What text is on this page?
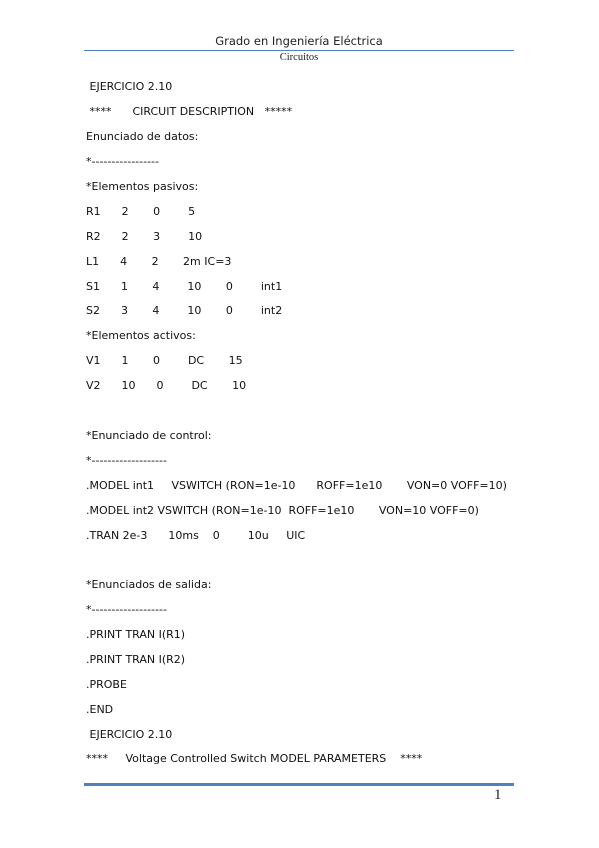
Grado en Ingeniería Eléctrica
Circuitos
EJERCICIO 2.10
****      CIRCUIT DESCRIPTION   *****
Enunciado de datos:
*-----------------
*Elementos pasivos:
R1      2       0        5
R2      2       3        10
L1      4       2       2m IC=3
S1      1       4        10       0        int1
S2      3       4        10       0        int2
*Elementos activos:
V1      1       0        DC       15
V2      10      0        DC       10
*Enunciado de control:
*-------------------
.MODEL int1     VSWITCH (RON=1e-10      ROFF=1e10       VON=0 VOFF=10)
.MODEL int2 VSWITCH (RON=1e-10  ROFF=1e10       VON=10 VOFF=0)
.TRAN 2e-3      10ms    0        10u     UIC
*Enunciados de salida:
*-------------------
.PRINT TRAN I(R1)
.PRINT TRAN I(R2)
.PROBE
.END
EJERCICIO 2.10
****     Voltage Controlled Switch MODEL PARAMETERS    ****
1
